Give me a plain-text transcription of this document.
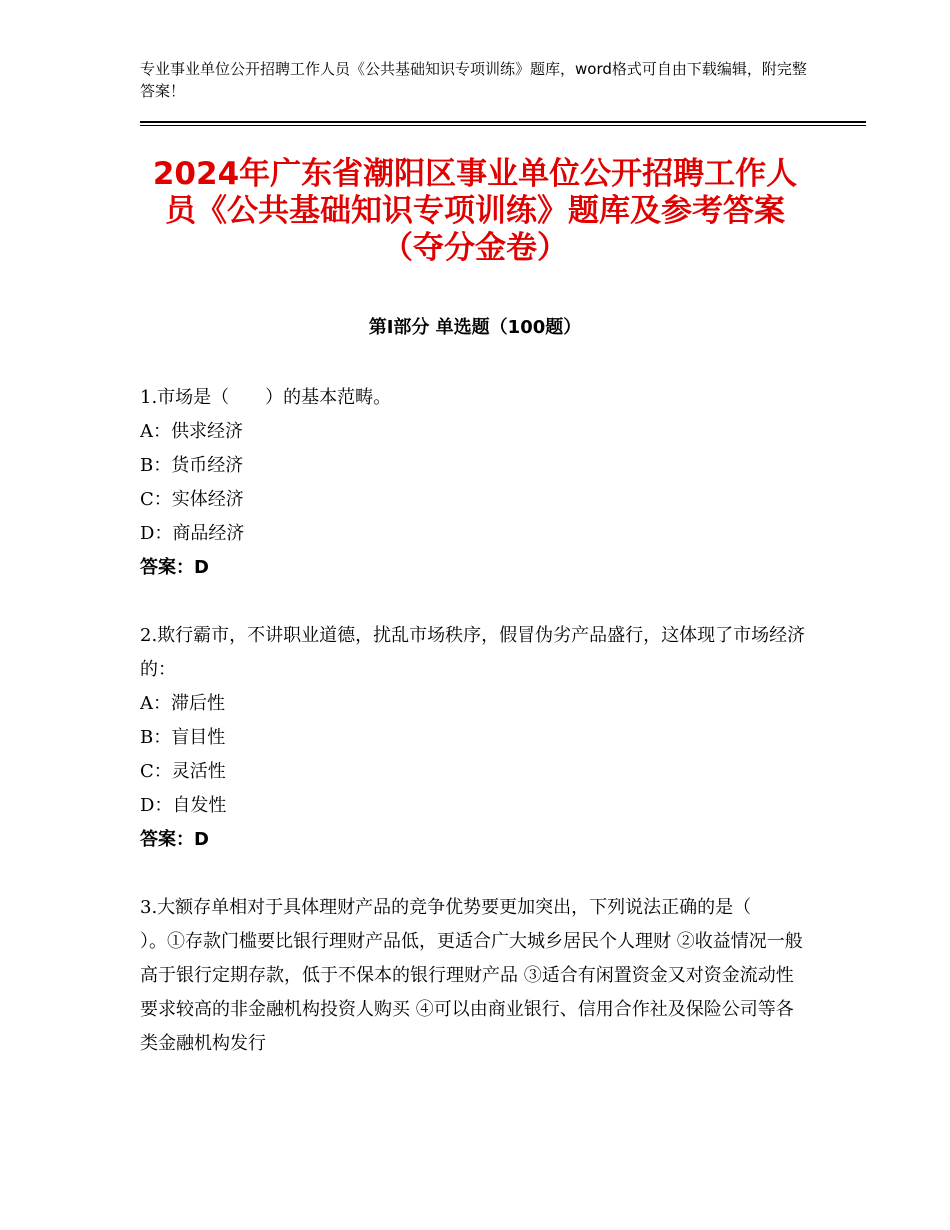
专业事业单位公开招聘工作人员《公共基础知识专项训练》题库，word格式可自由下载编辑，附完整答案！
2024年广东省潮阳区事业单位公开招聘工作人员《公共基础知识专项训练》题库及参考答案（夺分金卷）
第Ⅰ部分 单选题（100题）

1.市场是（　　）的基本范畴。

A：供求经济

B：货币经济

C：实体经济

D：商品经济

答案：D

2.欺行霸市，不讲职业道德，扰乱市场秩序，假冒伪劣产品盛行，这体现了市场经济的：

A：滞后性

B：盲目性

C：灵活性

D：自发性

答案：D

3.大额存单相对于具体理财产品的竞争优势要更加突出，下列说法正确的是（　　）。①存款门槛要比银行理财产品低，更适合广大城乡居民个人理财 ②收益情况一般高于银行定期存款，低于不保本的银行理财产品 ③适合有闲置资金又对资金流动性要求较高的非金融机构投资人购买 ④可以由商业银行、信用合作社及保险公司等各类金融机构发行
